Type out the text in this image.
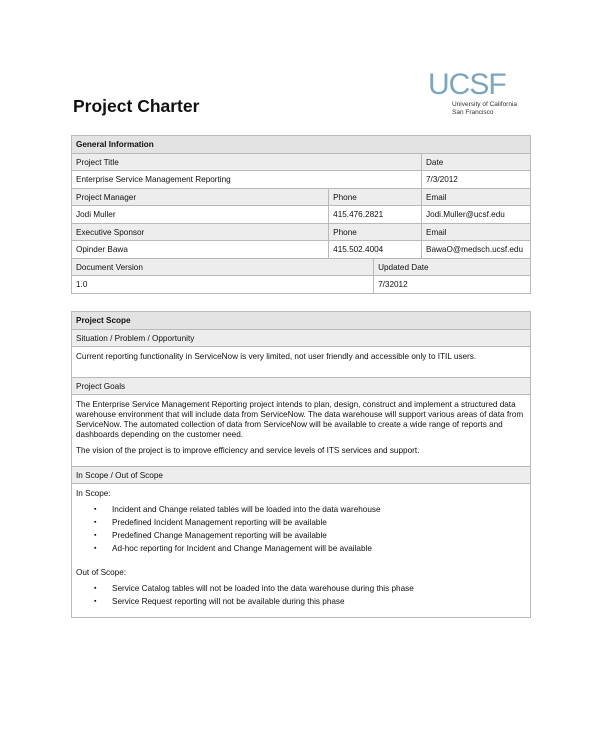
UCSF
University of California
San Francisco
Project Charter
General Information			
Project Title			Date
Enterprise Service Management Reporting			7/3/2012
Project Manager	Phone		Email
Jodi Muller	415.476.2821		Jodi.Muller@ucsf.edu
Executive Sponsor	Phone		Email
Opinder Bawa	415.502.4004		BawaO@medsch.ucsf.edu
Document Version		Updated Date	
1.0		7/32012	
Project Scope
Situation / Problem / Opportunity

Current reporting functionality in ServiceNow is very limited, not user friendly and accessible only to ITIL users.

Project Goals

The Enterprise Service Management Reporting project intends to plan, design, construct and implement a structured data warehouse environment that will include data from ServiceNow. The data warehouse will support various areas of data from ServiceNow. The automated collection of data from ServiceNow will be available to create a wide range of reports and dashboards depending on the customer need.

The vision of the project is to improve efficiency and service levels of ITS services and support.

In Scope / Out of Scope

In Scope:
▪ Incident and Change related tables will be loaded into the data warehouse
▪ Predefined Incident Management reporting will be available
▪ Predefined Change Management reporting will be available
▪ Ad-hoc reporting for Incident and Change Management will be available
Out of Scope:
▪ Service Catalog tables will not be loaded into the data warehouse during this phase
▪ Service Request reporting will not be available during this phase
